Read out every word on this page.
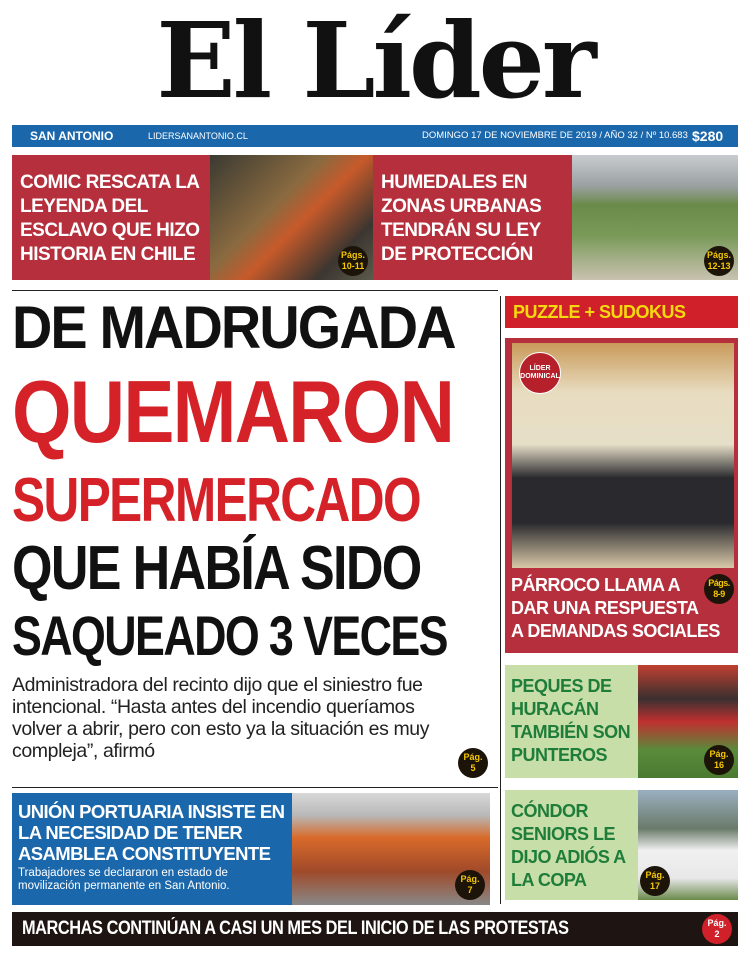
El Líder
SAN ANTONIO	LIDERSANANTONIO.CL	DOMINGO 17 DE NOVIEMBRE DE 2019 / AÑO 32 / Nº 10.683 $280
COMIC RESCATA LA LEYENDA DEL ESCLAVO QUE HIZO HISTORIA EN CHILE	Págs.
10-11
HUMEDALES EN ZONAS URBANAS TENDRÁN SU LEY DE PROTECCIÓN	Págs.
12-13
DE MADRUGADA
QUEMARON
SUPERMERCADO
QUE HABÍA SIDO
SAQUEADO 3 VECES
Administradora del recinto dijo que el siniestro fue intencional. “Hasta antes del incendio queríamos volver a abrir, pero con esto ya la situación es muy compleja”, afirmó	Pág.
5
UNIÓN PORTUARIA INSISTE EN LA NECESIDAD DE TENER ASAMBLEA CONSTITUYENTE
Trabajadores se declararon en estado de movilización permanente en San Antonio.
Pág.
7
PUZZLE + SUDOKUS
LÍDER DOMINICAL
Págs.
8-9
PÁRROCO LLAMA A DAR UNA RESPUESTA A DEMANDAS SOCIALES
PEQUES DE HURACÁN TAMBIÉN SON PUNTEROS	Pág.
16
CÓNDOR SENIORS LE DIJO ADIÓS A LA COPA	Pág.
17
MARCHAS CONTINÚAN A CASI UN MES DEL INICIO DE LAS PROTESTAS	Pág.
2
